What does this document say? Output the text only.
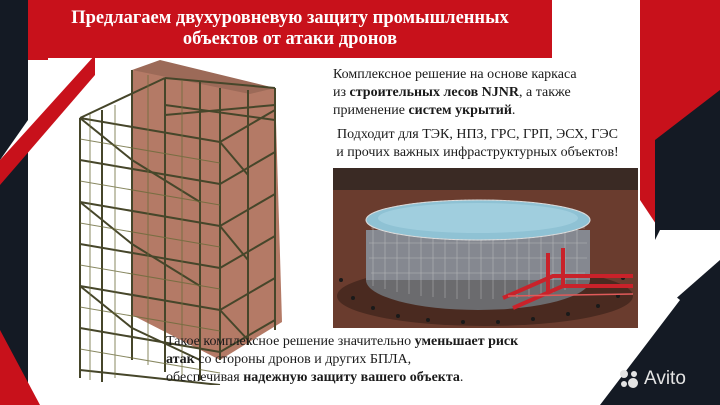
Предлагаем двухуровневую защиту промышленных
объектов от атаки дронов
Комплексное решение на основе каркаса
из строительных лесов NJNR, а также
применение систем укрытий.
Подходит для ТЭК, НПЗ, ГРС, ГРП, ЭСХ, ГЭС
и прочих важных инфраструктурных объектов!
Такое комплексное решение значительно уменьшает риск
атак со стороны дронов и других БПЛА,
обеспечивая надежную защиту вашего объекта.	Avito
